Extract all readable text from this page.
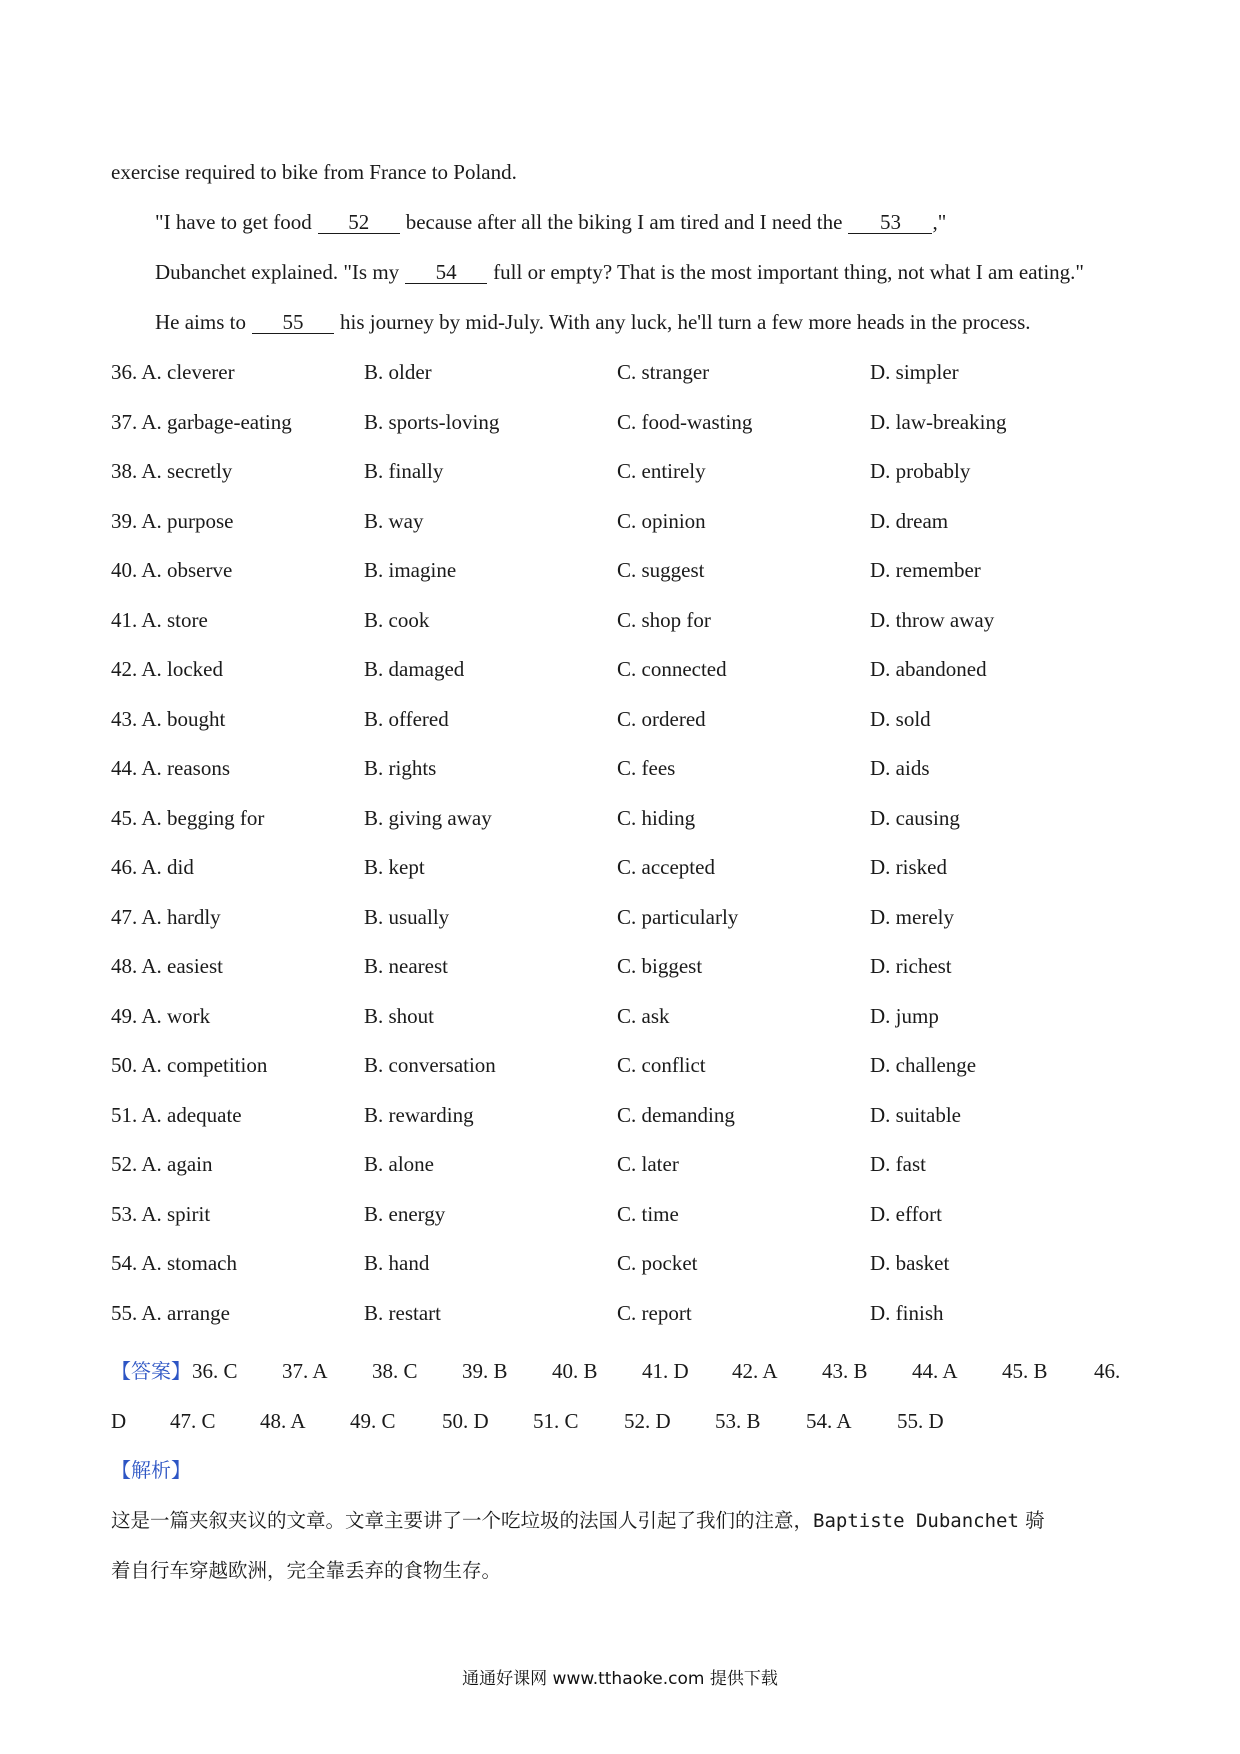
exercise required to bike from France to Poland.
"I have to get food 52 because after all the biking I am tired and I need the 53 ,"
Dubanchet explained. "Is my 54 full or empty? That is the most important thing, not what I am eating."
He aims to 55 his journey by mid-July. With any luck, he'll turn a few more heads in the process.
36. A. cleverer	B. older	C. stranger	D. simpler
37. A. garbage-eating	B. sports-loving	C. food-wasting	D. law-breaking
38. A. secretly	B. finally	C. entirely	D. probably
39. A. purpose	B. way	C. opinion	D. dream
40. A. observe	B. imagine	C. suggest	D. remember
41. A. store	B. cook	C. shop for	D. throw away
42. A. locked	B. damaged	C. connected	D. abandoned
43. A. bought	B. offered	C. ordered	D. sold
44. A. reasons	B. rights	C. fees	D. aids
45. A. begging for	B. giving away	C. hiding	D. causing
46. A. did	B. kept	C. accepted	D. risked
47. A. hardly	B. usually	C. particularly	D. merely
48. A. easiest	B. nearest	C. biggest	D. richest
49. A. work	B. shout	C. ask	D. jump
50. A. competition	B. conversation	C. conflict	D. challenge
51. A. adequate	B. rewarding	C. demanding	D. suitable
52. A. again	B. alone	C. later	D. fast
53. A. spirit	B. energy	C. time	D. effort
54. A. stomach	B. hand	C. pocket	D. basket
55. A. arrange	B. restart	C. report	D. finish
【答案】 36. C 37. A 38. C 39. B 40. B 41. D 42. A 43. B 44. A 45. B 46.
D 47. C 48. A 49. C 50. D 51. C 52. D 53. B 54. A 55. D
【解析】
这是一篇夹叙夹议的文章。文章主要讲了一个吃垃圾的法国人引起了我们的注意，Baptiste Dubanchet 骑
着自行车穿越欧洲，完全靠丢弃的食物生存。
通通好课网 www.tthaoke.com 提供下载
